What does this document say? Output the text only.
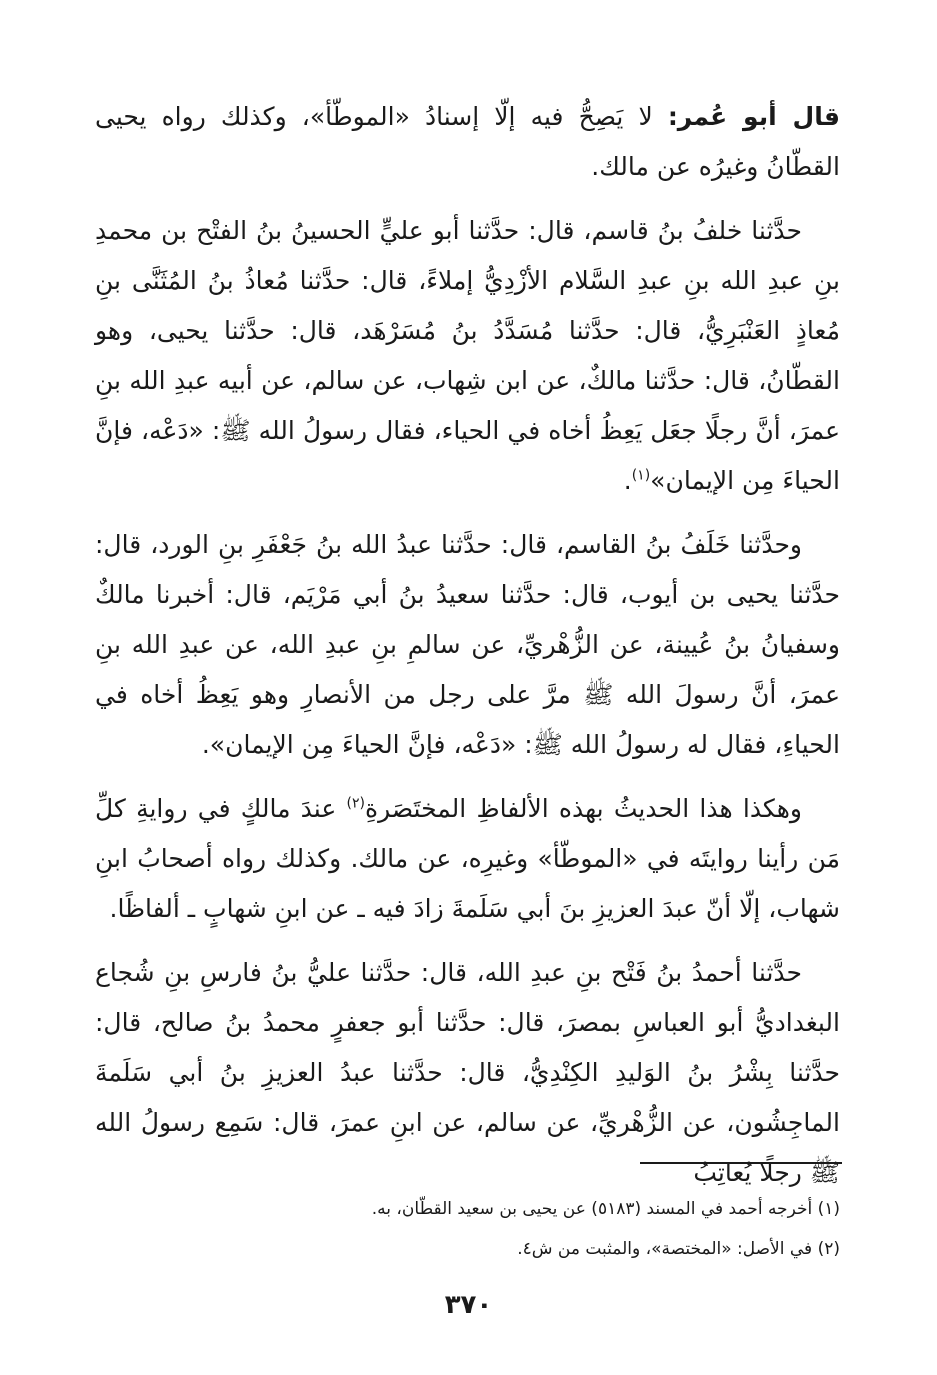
قال أبو عُمر: لا يَصِحُّ فيه إلّا إسنادُ «الموطّأ»، وكذلك رواه يحيى القطّانُ وغيرُه عن مالك.

حدَّثنا خلفُ بنُ قاسم، قال: حدَّثنا أبو عليٍّ الحسينُ بنُ الفتْح بن محمدِ بنِ عبدِ الله بنِ عبدِ السَّلام الأزْدِيُّ إملاءً، قال: حدَّثنا مُعاذُ بنُ المُثَنَّى بنِ مُعاذٍ العَنْبَرِيُّ، قال: حدَّثنا مُسَدَّدُ بنُ مُسَرْهَد، قال: حدَّثنا يحيى، وهو القطّانُ، قال: حدَّثنا مالكٌ، عن ابن شِهاب، عن سالم، عن أبيه عبدِ الله بنِ عمرَ، أنَّ رجلًا جعَل يَعِظُ أخاه في الحياء، فقال رسولُ الله ﷺ: «دَعْه، فإنَّ الحياءَ مِن الإيمان»$^{(١)}$.

وحدَّثنا خَلَفُ بنُ القاسم، قال: حدَّثنا عبدُ الله بنُ جَعْفَرِ بنِ الورد، قال: حدَّثنا يحيى بن أيوب، قال: حدَّثنا سعيدُ بنُ أبي مَرْيَم، قال: أخبرنا مالكٌ وسفيانُ بنُ عُيينة، عن الزُّهْريِّ، عن سالمِ بنِ عبدِ الله، عن عبدِ الله بنِ عمرَ، أنَّ رسولَ الله ﷺ مرَّ على رجل من الأنصارِ وهو يَعِظُ أخاه في الحياءِ، فقال له رسولُ الله ﷺ: «دَعْه، فإنَّ الحياءَ مِن الإيمان».

وهكذا هذا الحديثُ بهذه الألفاظِ المختَصَرةِ$^{(٢)}$ عندَ مالكٍ في روايةِ كلِّ مَن رأينا روايتَه في «الموطّأ» وغيرِه، عن مالك. وكذلك رواه أصحابُ ابنِ شهاب، إلّا أنّ عبدَ العزيزِ بنَ أبي سَلَمةَ زادَ فيه ـ عن ابنِ شهابٍ ـ ألفاظًا.

حدَّثنا أحمدُ بنُ فَتْح بنِ عبدِ الله، قال: حدَّثنا عليُّ بنُ فارسِ بنِ شُجاع البغداديُّ أبو العباسِ بمصرَ، قال: حدَّثنا أبو جعفرٍ محمدُ بنُ صالح، قال: حدَّثنا بِشْرُ بنُ الوَليدِ الكِنْدِيُّ، قال: حدَّثنا عبدُ العزيزِ بنُ أبي سَلَمةَ الماجِشُون، عن الزُّهْريِّ، عن سالم، عن ابنِ عمرَ، قال: سَمِع رسولُ الله ﷺ رجلًا يُعاتِبُ

(١) أخرجه أحمد في المسند (٥١٨٣) عن يحيى بن سعيد القطّان، به.

(٢) في الأصل: «المختصة»، والمثبت من ش٤.

٣٧٠
